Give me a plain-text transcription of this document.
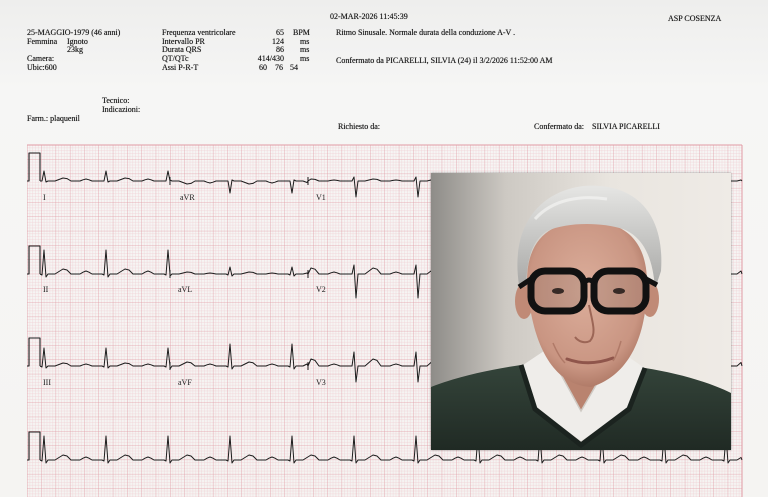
I	aVR	V1
II	aVL	V2
III	aVF	V3
02-MAR-2026 11:45:39	ASP COSENZA
25-MAGGIO-1979 (46 anni)
Femmina Ignoto
23kg
Camera:
Ubic:600
Frequenza ventricolare	65 BPM
Intervallo PR	124 ms
Durata QRS	86 ms
QT/QTc	414/430 ms
Assi P-R-T	60 76 54
Ritmo Sinusale. Normale durata della conduzione A-V .
Confermato da PICARELLI, SILVIA (24) il 3/2/2026 11:52:00 AM
Tecnico:
Indicazioni:
Farm.: plaquenil
Richiesto da:	Confermato da: SILVIA PICARELLI
